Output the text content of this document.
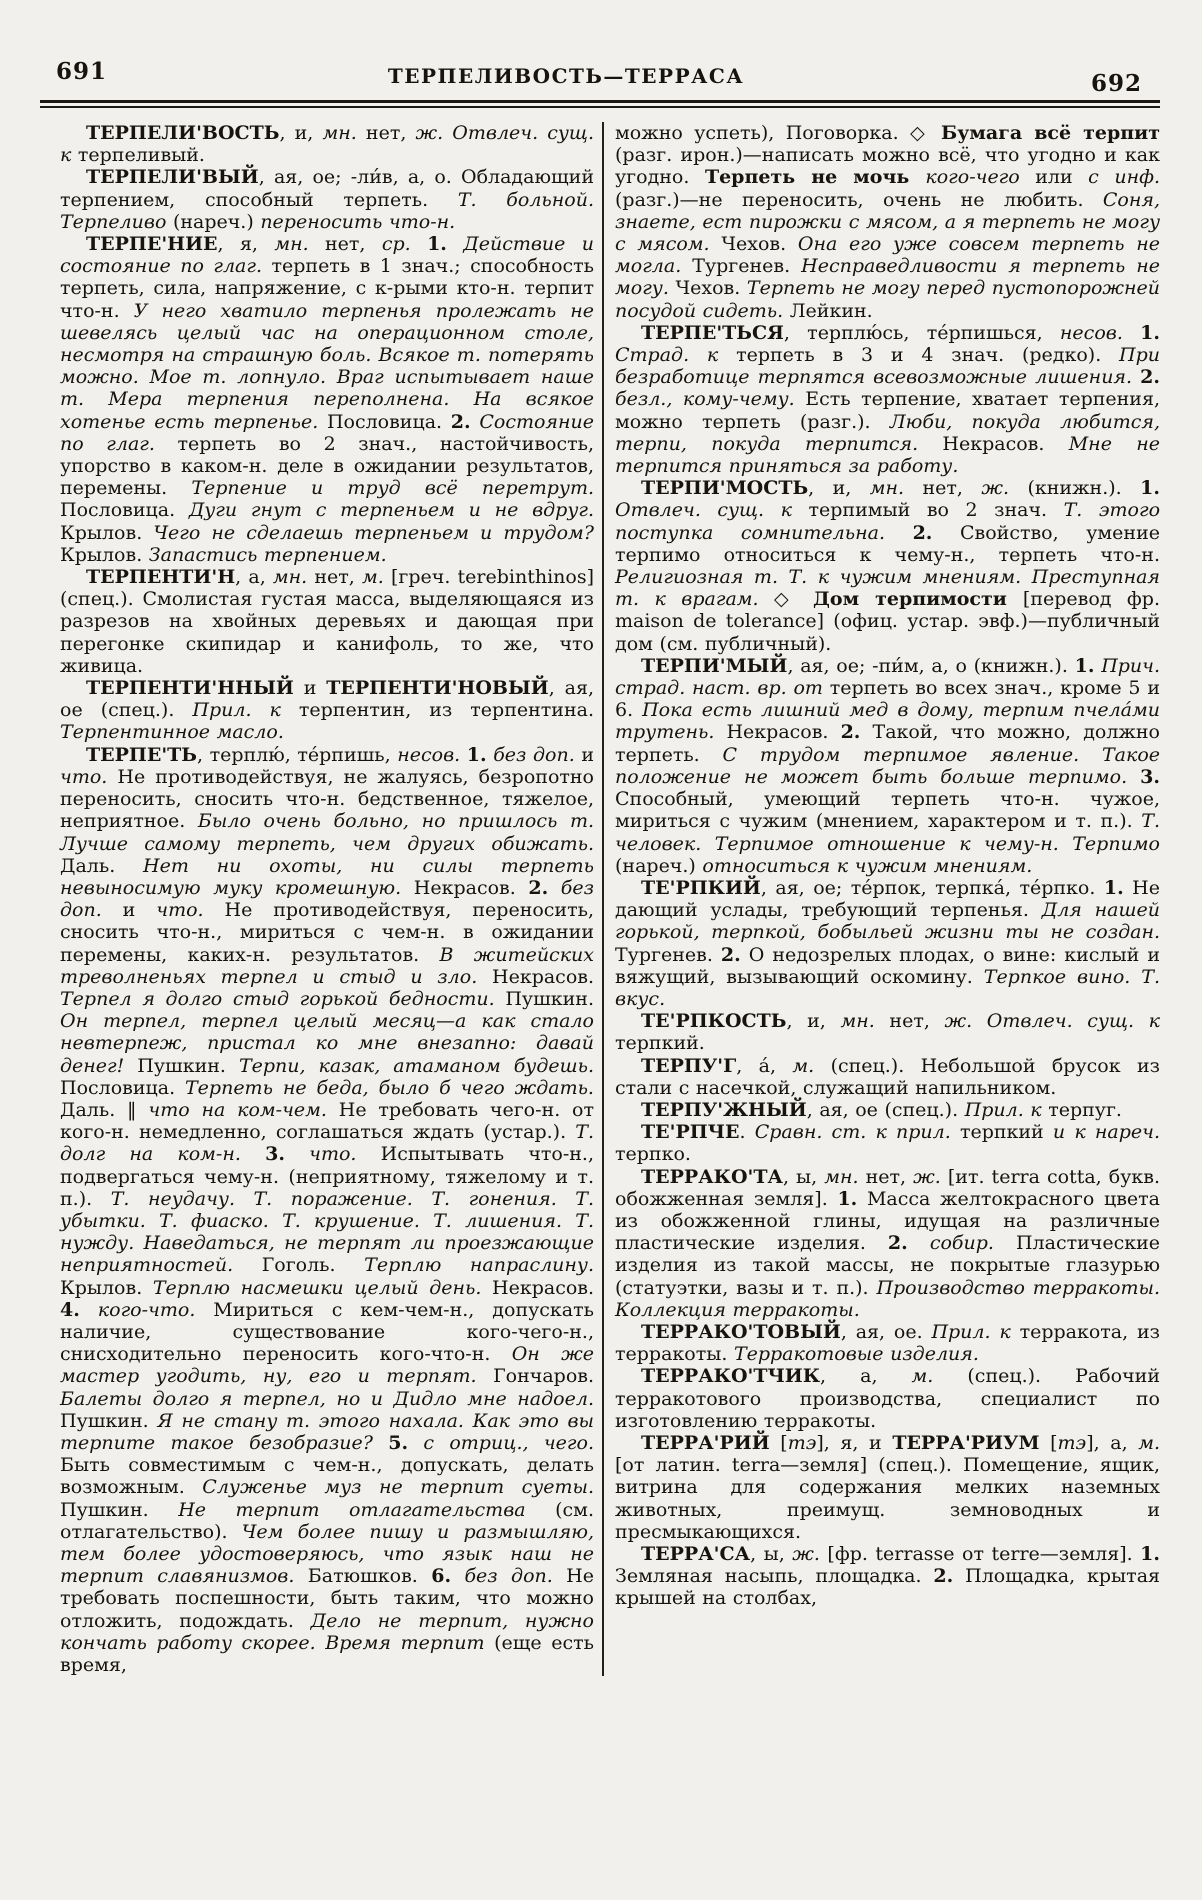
691	ТЕРПЕЛИВОСТЬ—ТЕРРАСА	692

ТЕРПЕЛИ'ВОСТЬ, и, мн. нет, ж. Отвлеч. сущ. к терпеливый.

ТЕРПЕЛИ'ВЫЙ, ая, ое; -ли́в, а, о. Обладающий терпением, способный терпеть. Т. больной. Терпеливо (нареч.) переносить что-н.

ТЕРПЕ'НИЕ, я, мн. нет, ср. 1. Действие и состояние по глаг. терпеть в 1 знач.; способность терпеть, сила, напряжение, с к-рыми кто-н. терпит что-н. У него хватило терпенья пролежать не шевелясь целый час на операционном столе, несмотря на страшную боль. Всякое т. потерять можно. Мое т. лопнуло. Враг испытывает наше т. Мера терпения переполнена. На всякое хотенье есть терпенье. Пословица. 2. Состояние по глаг. терпеть во 2 знач., настойчивость, упорство в каком-н. деле в ожидании результатов, перемены. Терпение и труд всё перетрут. Пословица. Дуги гнут с терпеньем и не вдруг. Крылов. Чего не сделаешь терпеньем и трудом? Крылов. Запастись терпением.

ТЕРПЕНТИ'Н, а, мн. нет, м. [греч. terebinthinos] (спец.). Смолистая густая масса, выделяющаяся из разрезов на хвойных деревьях и дающая при перегонке скипидар и канифоль, то же, что живица.

ТЕРПЕНТИ'ННЫЙ и ТЕРПЕНТИ'НОВЫЙ, ая, ое (спец.). Прил. к терпентин, из терпентина. Терпентинное масло.

ТЕРПЕ'ТЬ, терплю́, те́рпишь, несов. 1. без доп. и что. Не противодействуя, не жалуясь, безропотно переносить, сносить что-н. бедственное, тяжелое, неприятное. Было очень больно, но пришлось т. Лучше самому терпеть, чем других обижать. Даль. Нет ни охоты, ни силы терпеть невыносимую муку кромешную. Некрасов. 2. без доп. и что. Не противодействуя, переносить, сносить что-н., мириться с чем-н. в ожидании перемены, каких-н. результатов. В житейских треволненьях терпел и стыд и зло. Некрасов. Терпел я долго стыд горькой бедности. Пушкин. Он терпел, терпел целый месяц—а как стало невтерпеж, пристал ко мне внезапно: давай денег! Пушкин. Терпи, казак, атаманом будешь. Пословица. Терпеть не беда, было б чего ждать. Даль. ‖ что на ком-чем. Не требовать чего-н. от кого-н. немедленно, соглашаться ждать (устар.). Т. долг на ком-н. 3. что. Испытывать что-н., подвергаться чему-н. (неприятному, тяжелому и т. п.). Т. неудачу. Т. поражение. Т. гонения. Т. убытки. Т. фиаско. Т. крушение. Т. лишения. Т. нужду. Наведаться, не терпят ли проезжающие неприятностей. Гоголь. Терплю напраслину. Крылов. Терплю насмешки целый день. Некрасов. 4. кого-что. Мириться с кем-чем-н., допускать наличие, существование кого-чего-н., снисходительно переносить кого-что-н. Он же мастер угодить, ну, его и терпят. Гончаров. Балеты долго я терпел, но и Дидло мне надоел. Пушкин. Я не стану т. этого нахала. Как это вы терпите такое безобразие? 5. с отриц., чего. Быть совместимым с чем-н., допускать, делать возможным. Служенье муз не терпит суеты. Пушкин. Не терпит отлагательства (см. отлагательство). Чем более пишу и размышляю, тем более удостоверяюсь, что язык наш не терпит славянизмов. Батюшков. 6. без доп. Не требовать поспешности, быть таким, что можно отложить, подождать. Дело не терпит, нужно кончать работу скорее. Время терпит (еще есть время,

можно успеть), Поговорка. ◇ Бумага всё терпит (разг. ирон.)—написать можно всё, что угодно и как угодно. Терпеть не мочь кого-чего или с инф. (разг.)—не переносить, очень не любить. Соня, знаете, ест пирожки с мясом, а я терпеть не могу с мясом. Чехов. Она его уже совсем терпеть не могла. Тургенев. Несправедливости я терпеть не могу. Чехов. Терпеть не могу перед пустопорожней посудой сидеть. Лейкин.

ТЕРПЕ'ТЬСЯ, терплю́сь, те́рпишься, несов. 1. Страд. к терпеть в 3 и 4 знач. (редко). При безработице терпятся всевозможные лишения. 2. безл., кому-чему. Есть терпение, хватает терпения, можно терпеть (разг.). Люби, покуда любится, терпи, покуда терпится. Некрасов. Мне не терпится приняться за работу.

ТЕРПИ'МОСТЬ, и, мн. нет, ж. (книжн.). 1. Отвлеч. сущ. к терпимый во 2 знач. Т. этого поступка сомнительна. 2. Свойство, умение терпимо относиться к чему-н., терпеть что-н. Религиозная т. Т. к чужим мнениям. Преступная т. к врагам. ◇ Дом терпимости [перевод фр. maison de tolerance] (офиц. устар. эвф.)—публичный дом (см. публичный).

ТЕРПИ'МЫЙ, ая, ое; -пи́м, а, о (книжн.). 1. Прич. страд. наст. вр. от терпеть во всех знач., кроме 5 и 6. Пока есть лишний мед в дому, терпим пчела́ми трутень. Некрасов. 2. Такой, что можно, должно терпеть. С трудом терпимое явление. Такое положение не может быть больше терпимо. 3. Способный, умеющий терпеть что-н. чужое, мириться с чужим (мнением, характером и т. п.). Т. человек. Терпимое отношение к чему-н. Терпимо (нареч.) относиться к чужим мнениям.

ТЕ'РПКИЙ, ая, ое; те́рпок, терпка́, те́рпко. 1. Не дающий услады, требующий терпенья. Для нашей горькой, терпкой, бобыльей жизни ты не создан. Тургенев. 2. О недозрелых плодах, о вине: кислый и вяжущий, вызывающий оскомину. Терпкое вино. Т. вкус.

ТЕ'РПКОСТЬ, и, мн. нет, ж. Отвлеч. сущ. к терпкий.

ТЕРПУ'Г, а́, м. (спец.). Небольшой брусок из стали с насечкой, служащий напильником.

ТЕРПУ'ЖНЫЙ, ая, ое (спец.). Прил. к терпуг.

ТЕ'РПЧЕ. Сравн. ст. к прил. терпкий и к нареч. терпко.

ТЕРРАКО'ТА, ы, мн. нет, ж. [ит. terra cotta, букв. обожженная земля]. 1. Масса желтокрасного цвета из обожженной глины, идущая на различные пластические изделия. 2. собир. Пластические изделия из такой массы, не покрытые глазурью (статуэтки, вазы и т. п.). Производство терракоты. Коллекция терракоты.

ТЕРРАКО'ТОВЫЙ, ая, ое. Прил. к терракота, из терракоты. Терракотовые изделия.

ТЕРРАКО'ТЧИК, а, м. (спец.). Рабочий терракотового производства, специалист по изготовлению терракоты.

ТЕРРА'РИЙ [тэ], я, и ТЕРРА'РИУМ [тэ], а, м. [от латин. terra—земля] (спец.). Помещение, ящик, витрина для содержания мелких наземных животных, преимущ. земноводных и пресмыкающихся.

ТЕРРА'СА, ы, ж. [фр. terrasse от terre—земля]. 1. Земляная насыпь, площадка. 2. Площадка, крытая крышей на столбах,
